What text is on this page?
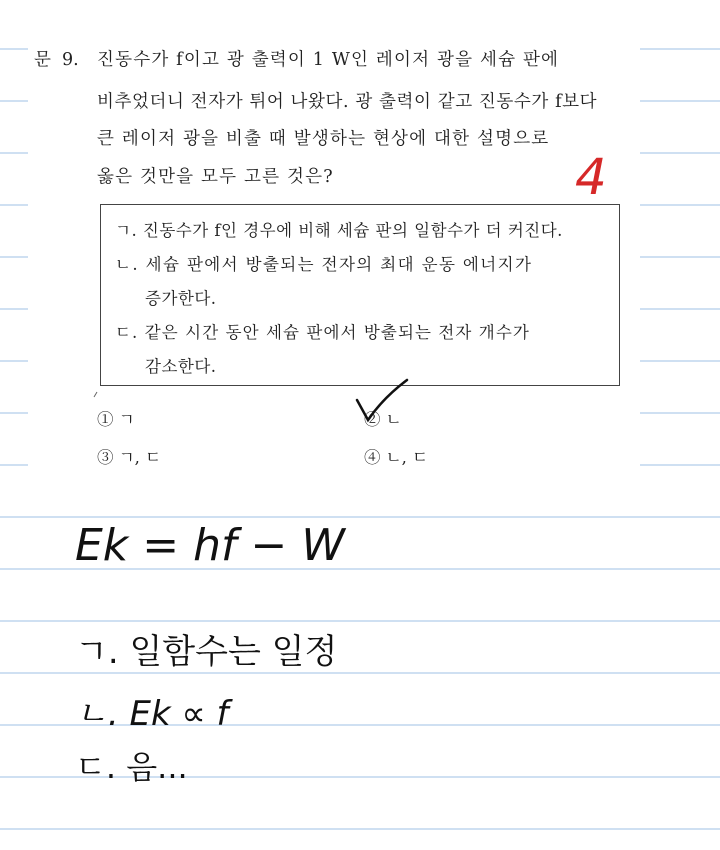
문 9. 진동수가 f이고 광 출력이 1 W인 레이저 광을 세슘 판에
비추었더니 전자가 튀어 나왔다. 광 출력이 같고 진동수가 f보다
큰 레이저 광을 비출 때 발생하는 현상에 대한 설명으로
옳은 것만을 모두 고른 것은?
ㄱ. 진동수가 f인 경우에 비해 세슘 판의 일함수가 더 커진다.
ㄴ. 세슘 판에서 방출되는 전자의 최대 운동 에너지가
증가한다.
ㄷ. 같은 시간 동안 세슘 판에서 방출되는 전자 개수가
감소한다.
① ㄱ	② ㄴ
③ ㄱ, ㄷ	④ ㄴ, ㄷ
4
Ek = hf − W
ㄱ. 일함수는 일정
ㄴ. Ek ∝ f
ㄷ. 음...
